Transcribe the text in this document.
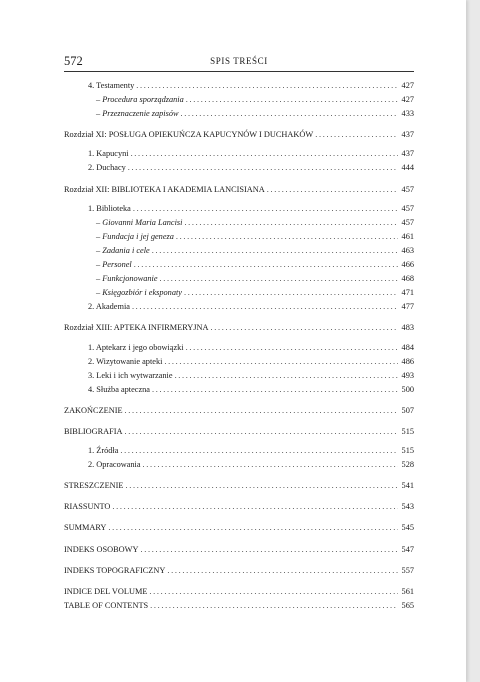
572	SPIS TREŚCI
4. Testamenty . . .	427
– Procedura sporządzania . . .	427
– Przeznaczenie zapisów . . .	433
Rozdział XI: POSŁUGA OPIEKUŃCZA KAPUCYNÓW I DUCHAKÓW . . .	437
1. Kapucyni . . .	437
2. Duchacy . . .	444
Rozdział XII: BIBLIOTEKA I AKADEMIA LANCISIANA . . .	457
1. Biblioteka . . .	457
– Giovanni Maria Lancisi . . .	457
– Fundacja i jej geneza . . .	461
– Zadania i cele . . .	463
– Personel . . .	466
– Funkcjonowanie . . .	468
– Księgozbiór i eksponaty . . .	471
2. Akademia . . .	477
Rozdział XIII: APTEKA INFIRMERYJNA . . .	483
1. Aptekarz i jego obowiązki . . .	484
2. Wizytowanie apteki . . .	486
3. Leki i ich wytwarzanie . . .	493
4. Służba apteczna . . .	500
ZAKOŃCZENIE . . .	507
BIBLIOGRAFIA . . .	515
1. Źródła . . .	515
2. Opracowania . . .	528
STRESZCZENIE . . .	541
RIASSUNTO . . .	543
SUMMARY . . .	545
INDEKS OSOBOWY . . .	547
INDEKS TOPOGRAFICZNY . . .	557
INDICE DEL VOLUME . . .	561
TABLE OF CONTENTS . . .	565
